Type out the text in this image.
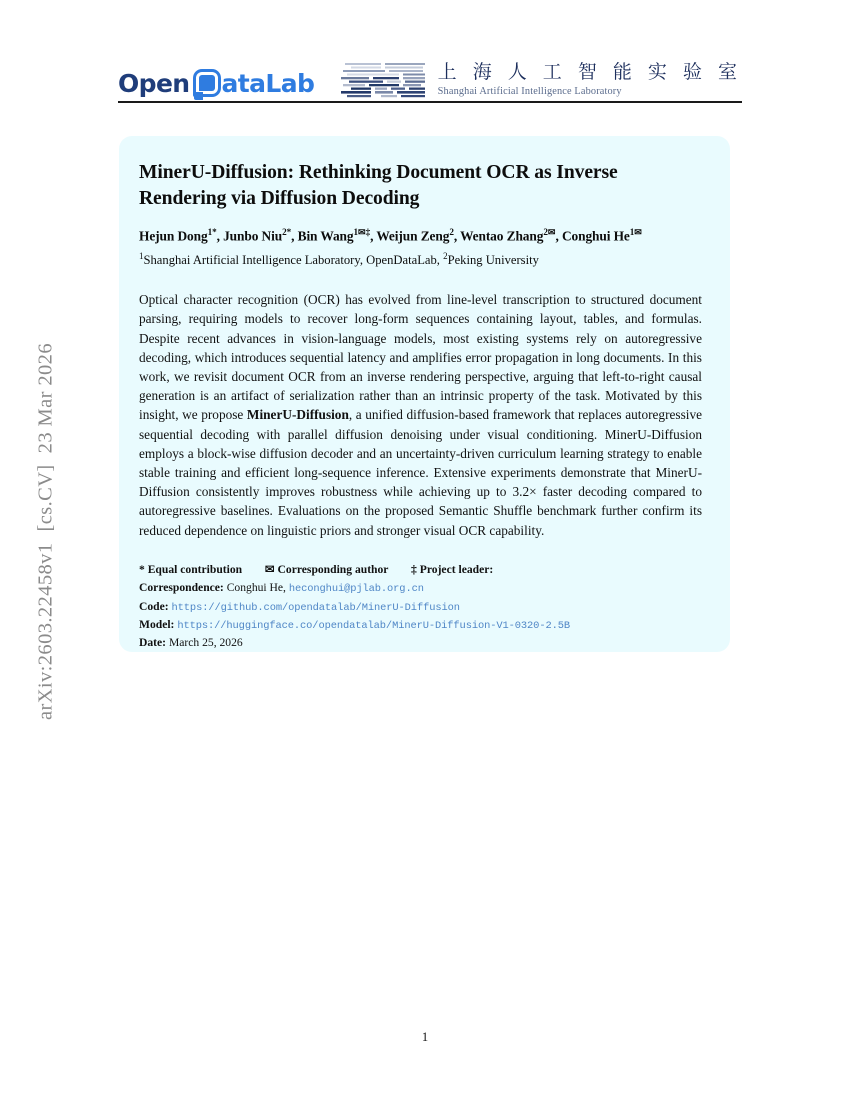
arXiv:2603.22458v1  [cs.CV]  23 Mar 2026
Open ataLab	上 海 人 工 智 能 实 验 室
Shanghai Artificial Intelligence Laboratory
MinerU-Diffusion: Rethinking Document OCR as Inverse Rendering via Diffusion Decoding
Hejun Dong$^{1*}$, Junbo Niu$^{2*}$, Bin Wang$^{1✉\ddagger}$, Weijun Zeng$^2$, Wentao Zhang$^{2✉}$, Conghui $He^{1✉}$
$^1$Shanghai Artificial Intelligence Laboratory, OpenDataLab, $^2$Peking University
Optical character recognition (OCR) has evolved from line-level transcription to structured document parsing, requiring models to recover long-form sequences containing layout, tables, and formulas. Despite recent advances in vision-language models, most existing systems rely on autoregressive decoding, which introduces sequential latency and amplifies error propagation in long documents. In this work, we revisit document OCR from an inverse rendering perspective, arguing that left-to-right causal generation is an artifact of serialization rather than an intrinsic property of the task. Motivated by this insight, we propose MinerU-Diffusion, a unified diffusion-based framework that replaces autoregressive sequential decoding with parallel diffusion denoising under visual conditioning. MinerU-Diffusion employs a block-wise diffusion decoder and an uncertainty-driven curriculum learning strategy to enable stable training and efficient long-sequence inference. Extensive experiments demonstrate that MinerU-Diffusion consistently improves robustness while achieving up to 3.2× faster decoding compared to autoregressive baselines. Evaluations on the proposed Semantic Shuffle benchmark further confirm its reduced dependence on linguistic priors and stronger visual OCR capability.
* Equal contribution ✉ Corresponding author ‡ Project leader:
Correspondence: Conghui He, heconghui@pjlab.org.cn
Code: https://github.com/opendatalab/MinerU-Diffusion
Model: https://huggingface.co/opendatalab/MinerU-Diffusion-V1-0320-2.5B
Date: March 25, 2026
1
